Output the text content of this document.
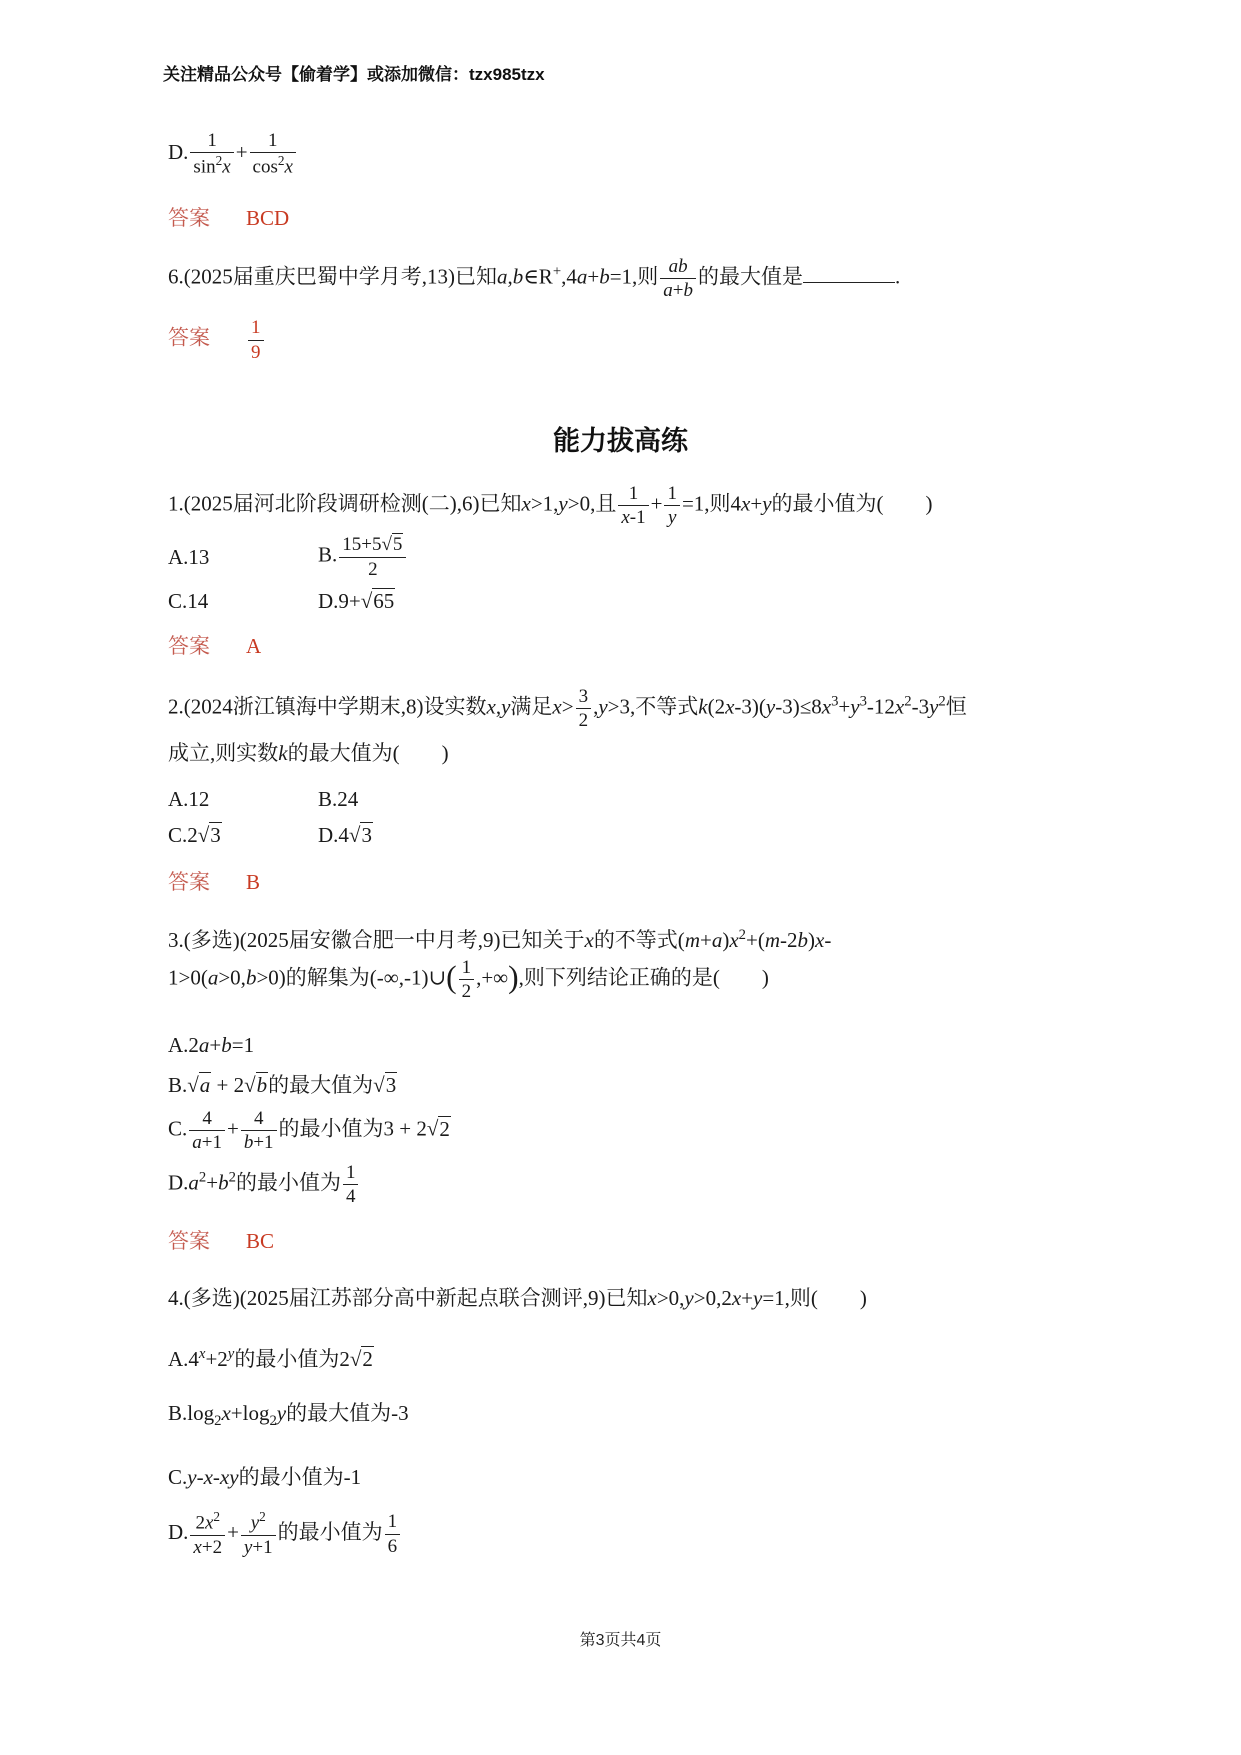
关注精品公众号【偷着学】或添加微信：tzx985tzx
D. $\frac{1}{\sin^2x} + \frac{1}{\cos^2x}$
答案 BCD
6.(2025届重庆巴蜀中学月考,13)已知a,b∈R+,4a+b=1,则 $\frac{ab}{a+b}$ 的最大值是	.
答案 $\frac{1}{9}$
能力拔高练
1.(2025届河北阶段调研检测(二),6)已知x>1,y>0,且 $\frac{1}{x-1} + \frac{1}{y} =1$,则4x+y的最小值为(  )
A.13	B. $\frac{15+5√5}{2}$
C.14	D.9+√65
答案 A
2.(2024浙江镇海中学期末,8)设实数x,y满足$x> \frac{3}{2} ,y>3$,不等式$k(2x-3)(y-3)\le 8x^3+y^3-12x^2-3y^2$恒
成立,则实数k的最大值为(  )
A.12	B.24
C.2√3	D.4√3
答案 B
3.(多选)(2025届安徽合肥一中月考,9)已知关于x的不等式$(m+a)x^2+(m-2b)x-$
1>0(a>0,b>0)的解集为(-∞,-1)∪( $\frac{1}{2}$ ,+∞),则下列结论正确的是(  )
A.2a+b=1
B.√a + 2√b的最大值为√3
C. $\frac{4}{a+1} + \frac{4}{b+1}$ 的最小值为3 + 2√2
$D.a^2+b^2$的最小值为 $\frac{1}{4}$
答案 BC
4.(多选)(2025届江苏部分高中新起点联合测评,9)已知x>0,y>0,2x+y=1,则(  )
$A.4^x+2^y$的最小值为2√2
$B.\log_2x+\log_2y$的最大值为-3
C.y-x-xy的最小值为-1
D. $\frac{2x^2}{x+2} + \frac{y^2}{y+1}$ 的最小值为 $\frac{1}{6}$
第3页共4页
